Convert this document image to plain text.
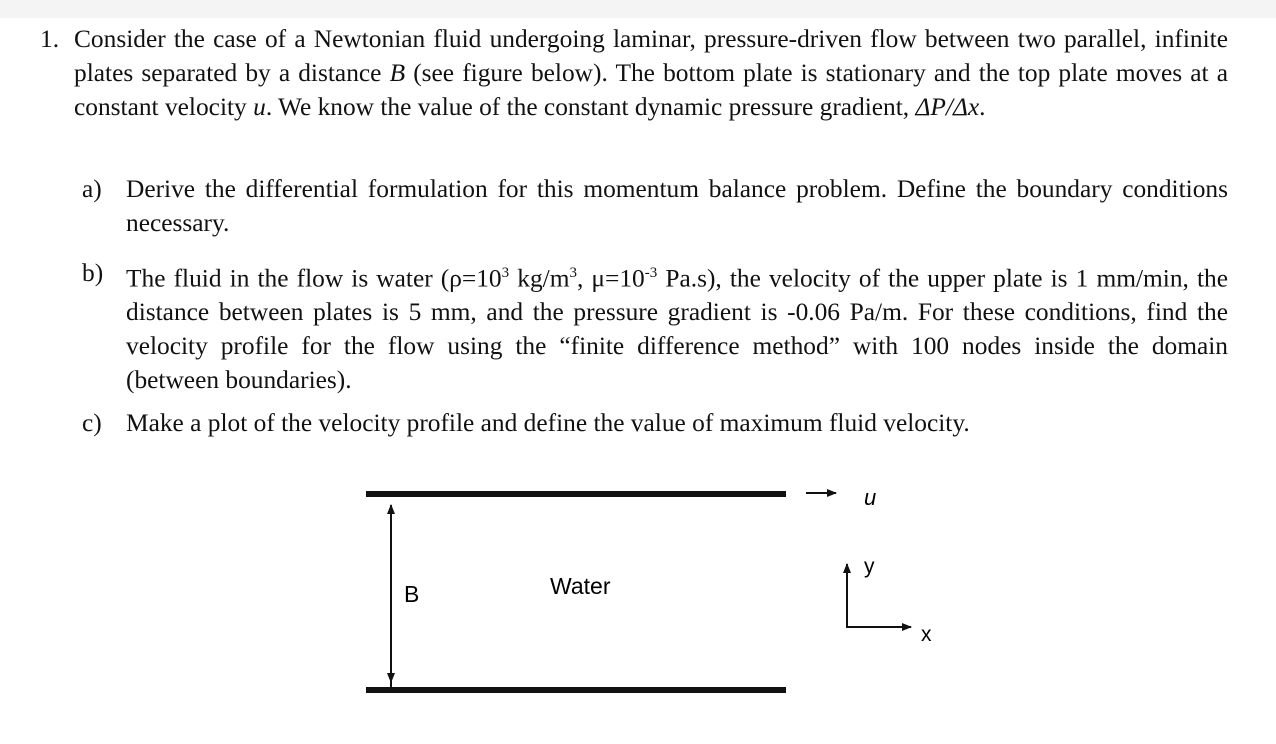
1. Consider the case of a Newtonian fluid undergoing laminar, pressure-driven flow between two parallel, infinite plates separated by a distance B (see figure below). The bottom plate is stationary and the top plate moves at a constant velocity u. We know the value of the constant dynamic pressure gradient, ΔP/Δx.
a) Derive the differential formulation for this momentum balance problem. Define the boundary conditions necessary.
b) The fluid in the flow is water ($\rho=10^3$ $kg/m^3$, $\mu=10^{-3}$ Pa.s), the velocity of the upper plate is 1 mm/min, the distance between plates is 5 mm, and the pressure gradient is -0.06 Pa/m. For these conditions, find the velocity profile for the flow using the “finite difference method” with 100 nodes inside the domain (between boundaries).
c) Make a plot of the velocity profile and define the value of maximum fluid velocity.
u
B	Water
y
x
